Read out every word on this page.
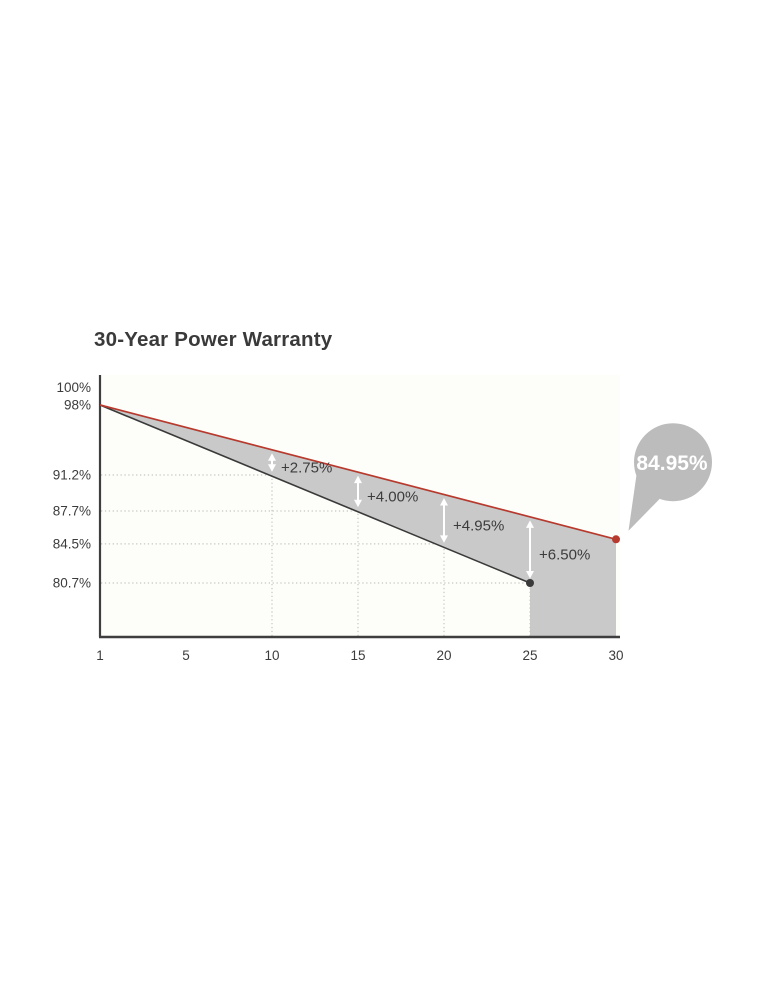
30-Year Power Warranty
+2.75%
+4.00%
+4.95%
+6.50%
100%
98%
91.2%
87.7%
84.5%
80.7%
1	5	10	15	20	25	30
84.95%
